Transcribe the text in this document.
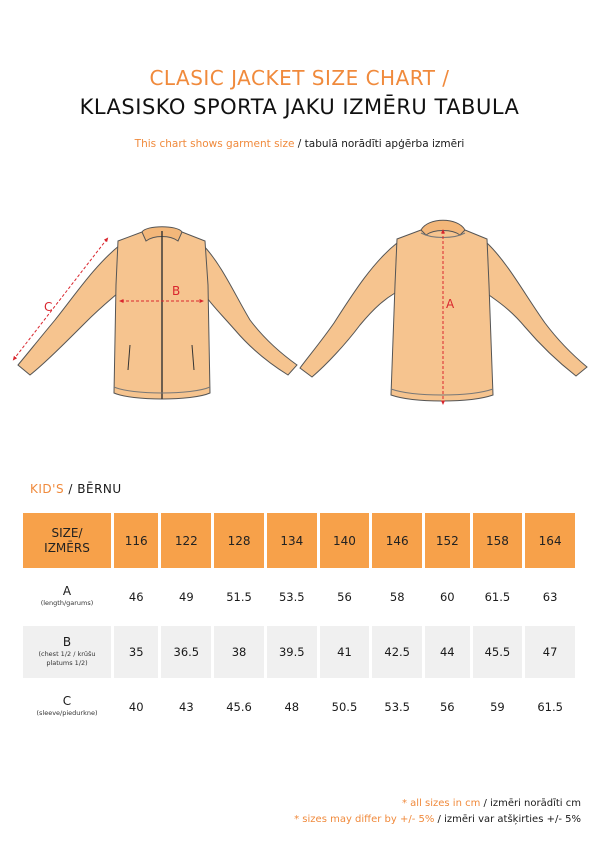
CLASIC JACKET SIZE CHART /
KLASISKO SPORTA JAKU IZMĒRU TABULA
This chart shows garment size / tabulā norādīti apģērba izmēri
B
C	A
KID'S / BĒRNU
SIZE/
IZMĒRS	116	122	128	134	140	146	152	158	164

A
(length/garums)	46	49	51.5	53.5	56	58	60	61.5	63

B
(chest 1/2 / krūšu
platums 1/2)	35	36.5	38	39.5	41	42.5	44	45.5	47

C
(sleeve/piedurkne)	40	43	45.6	48	50.5	53.5	56	59	61.5
* all sizes in cm / izmēri norādīti cm
* sizes may differ by +/- 5% / izmēri var atšķirties +/- 5%
